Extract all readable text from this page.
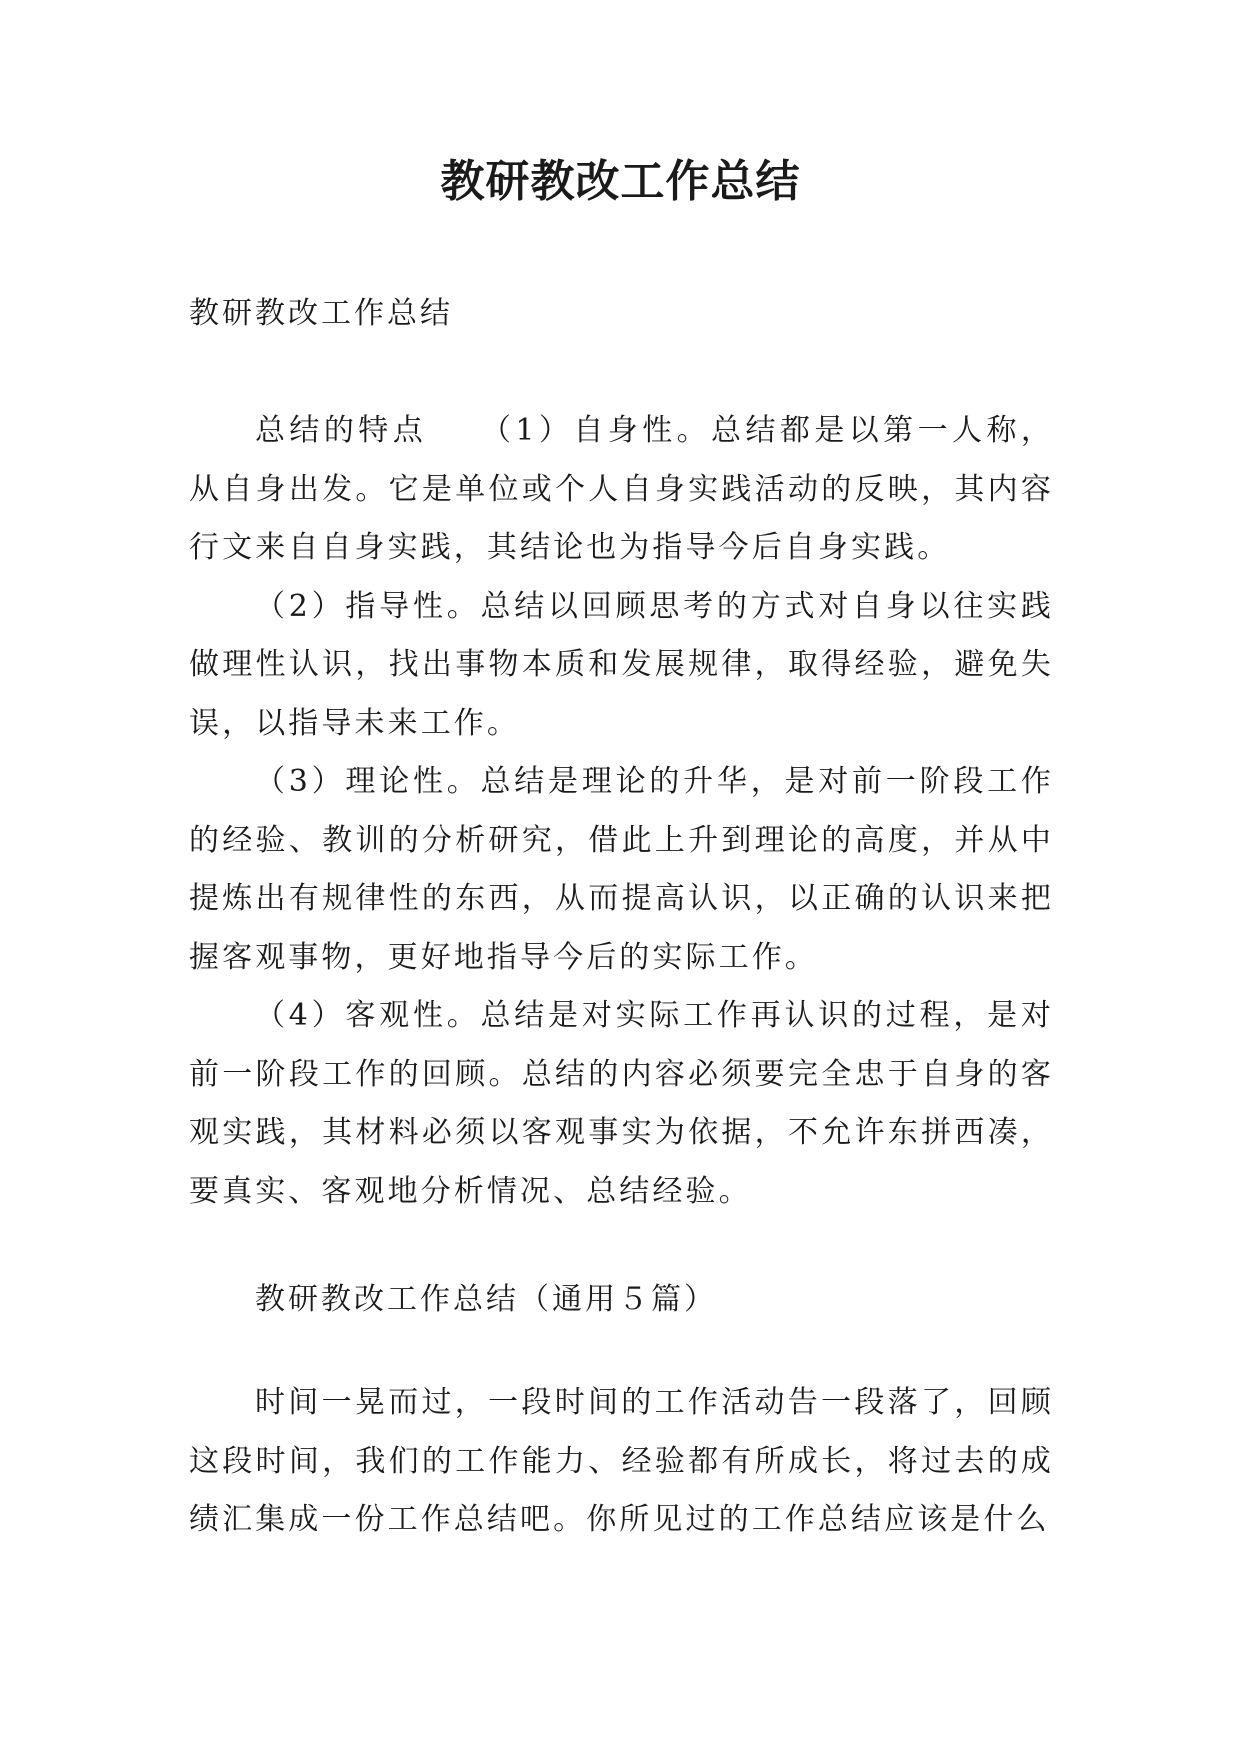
教研教改工作总结

教研教改工作总结

总结的特点　　（1）自身性。总结都是以第一人称，从自身出发。它是单位或个人自身实践活动的反映，其内容行文来自自身实践，其结论也为指导今后自身实践。

（2）指导性。总结以回顾思考的方式对自身以往实践做理性认识，找出事物本质和发展规律，取得经验，避免失误，以指导未来工作。

（3）理论性。总结是理论的升华，是对前一阶段工作的经验、教训的分析研究，借此上升到理论的高度，并从中提炼出有规律性的东西，从而提高认识，以正确的认识来把握客观事物，更好地指导今后的实际工作。

（4）客观性。总结是对实际工作再认识的过程，是对前一阶段工作的回顾。总结的内容必须要完全忠于自身的客观实践，其材料必须以客观事实为依据，不允许东拼西凑，要真实、客观地分析情况、总结经验。

教研教改工作总结（通用５篇）

时间一晃而过，一段时间的工作活动告一段落了，回顾这段时间，我们的工作能力、经验都有所成长，将过去的成绩汇集成一份工作总结吧。你所见过的工作总结应该是什么
